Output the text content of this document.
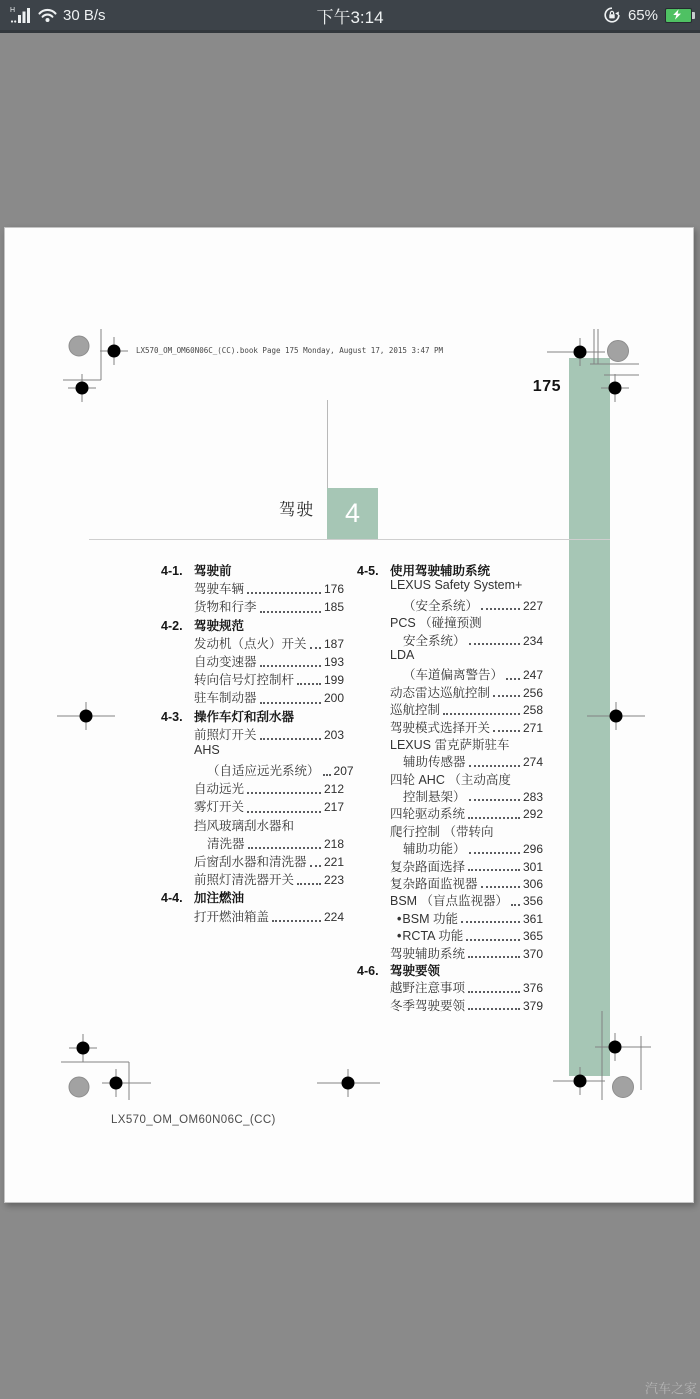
H	30 B/s	下午3:14	65%
LX570_OM_OM60N06C_(CC).book Page 175 Monday, August 17, 2015 3:47 PM
175
驾驶	4
4-1. 驾驶前
驾驶车辆	176
货物和行李	185
4-2. 驾驶规范
发动机（点火）开关 187
自动变速器	193
转向信号灯控制杆 199
驻车制动器	200
4-3. 操作车灯和刮水器
前照灯开关	203
AHS
（自适应远光系统） 207
自动远光	212
雾灯开关	217
挡风玻璃刮水器和
清洗器	218
后窗刮水器和清洗器 221
前照灯清洗器开关 223
4-4. 加注燃油
打开燃油箱盖	224
4-5. 使用驾驶辅助系统
LEXUS Safety System+
（安全系统）	227
PCS （碰撞预测
安全系统）	234
LDA
（车道偏离警告） 247
动态雷达巡航控制	256
巡航控制	258
驾驶模式选择开关	271
LEXUS 雷克萨斯驻车
辅助传感器	274
四轮 AHC （主动高度
控制悬架）	283
四轮驱动系统	292
爬行控制 （带转向
辅助功能）	296
复杂路面选择	301
复杂路面监视器	306
BSM （盲点监视器） 356
• BSM 功能	361
• RCTA 功能	365
驾驶辅助系统	370
4-6. 驾驶要领
越野注意事项	376
冬季驾驶要领	379
LX570_OM_OM60N06C_(CC)
汽车之家
